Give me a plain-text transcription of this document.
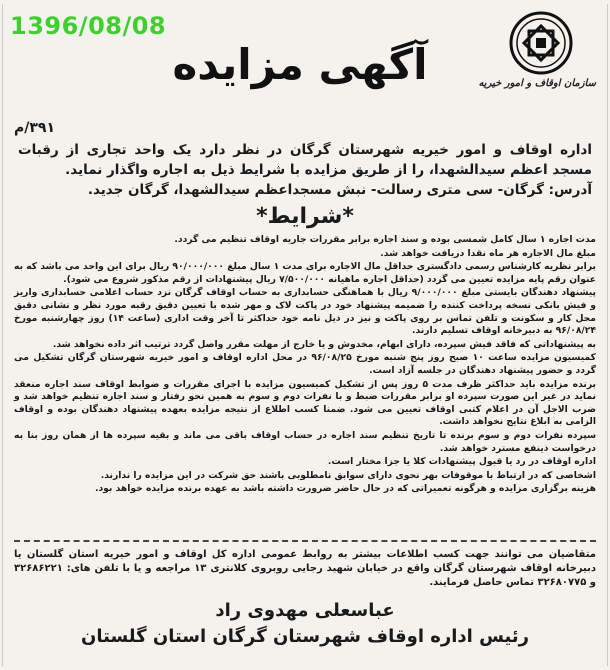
1396/08/08
سازمان اوقاف و امور خیریه
آگهی مزایده
۳۹۱/م
اداره اوقاف و امور خیریه شهرستان گرگان در نظر دارد یک واحد تجاری از رقبات مسجد اعظم سیدالشهدا، را از طریق مزایده با شرایط ذیل به اجاره واگذار نماید.
آدرس: گرگان- سی متری رسالت- نبش مسجداعظم سیدالشهدا، گرگان جدید.
*شرایط*
مدت اجاره ۱ سال کامل شمسی بوده و سند اجاره برابر مقررات جاریه اوقاف تنظیم می گردد.
مبلغ مال الاجاره هر ماه نقدا دریافت خواهد شد.
برابر نظریه کارشناس رسمی دادگستری حداقل مال الاجاره برای مدت ۱ سال مبلغ ۹۰/۰۰۰/۰۰۰ ریال برای این واحد می باشد که به عنوان رقم پایه مزایده تعیین می گردد (حداقل اجاره ماهیانه ۷/۵۰۰/۰۰۰ ریال پیشنهادات از رقم مذکور شروع می شود).
پیشنهاد دهندگان بایستی مبلغ ۹/۰۰۰/۰۰۰ ریال با هماهنگی حسابداری به حساب اوقاف گرگان نزد حساب اعلامی حسابداری واریز و فیش بانکی نسخه پرداخت کننده را ضمیمه پیشنهاد خود در پاکت لاک و مهر شده با تعیین دقیق رقبه مورد نظر و نشانی دقیق محل کار و سکونت و تلفن تماس بر روی پاکت و نیز در ذیل نامه خود حداکثر تا آخر وقت اداری (ساعت ۱۴) روز چهارشنبه مورخ ۹۶/۰۸/۲۴ به دبیرخانه اوقاف تسلیم دارند.
به پیشنهاداتی که فاقد فیش سپرده، دارای ابهام، مخدوش و یا خارج از مهلت مقرر واصل گردد ترتیب اثر داده نخواهد شد.
کمیسیون مزایده ساعت ۱۰ صبح روز پنج شنبه مورخ ۹۶/۰۸/۲۵ در محل اداره اوقاف و امور خیریه شهرستان گرگان تشکیل می گردد و حضور پیشنهاد دهندگان در جلسه آزاد است.
برنده مزایده باید حداکثر ظرف مدت ۵ روز پس از تشکیل کمیسیون مزایده با اجرای مقررات و ضوابط اوقاف سند اجاره منعقد نماید در غیر این صورت سپرده او برابر مقررات ضبط و با نفرات دوم و سوم به همین نحو رفتار و سند اجاره تنظیم خواهد شد و ضرب الاجل آن در اعلام کتبی اوقاف تعیین می شود. ضمنا کسب اطلاع از نتیجه مزایده بعهده پیشنهاد دهندگان بوده و اوقاف الزامی به ابلاغ نتایج نخواهد داشت.
سپرده نفرات دوم و سوم برنده تا تاریخ تنظیم سند اجاره در حساب اوقاف باقی می ماند و بقیه سپرده ها از همان روز بنا به درخواست ذینفع مسترد خواهد شد.
اداره اوقاف در رد یا قبول پیشنهادات کلا یا جزا مختار است.
اشخاصی که در ارتباط با موقوفات بهر نحوی دارای سوابق نامطلوبی باشند حق شرکت در این مزایده را ندارند.
هزینه برگزاری مزایده و هرگونه تعمیراتی که در حال حاضر ضرورت داشته باشد به عهده برنده مزایده خواهد بود.
متقاضیان می توانند جهت کسب اطلاعات بیشتر به روابط عمومی اداره کل اوقاف و امور خیریه استان گلستان یا دبیرخانه اوقاف شهرستان گرگان واقع در خیابان شهید رجایی روبروی کلانتری ۱۳ مراجعه و یا با تلفن های: ۳۲۶۸۶۲۲۱ و ۳۲۶۸۰۷۷۵ تماس حاصل فرمایند.
عباسعلی مهدوی راد
رئیس اداره اوقاف شهرستان گرگان استان گلستان
